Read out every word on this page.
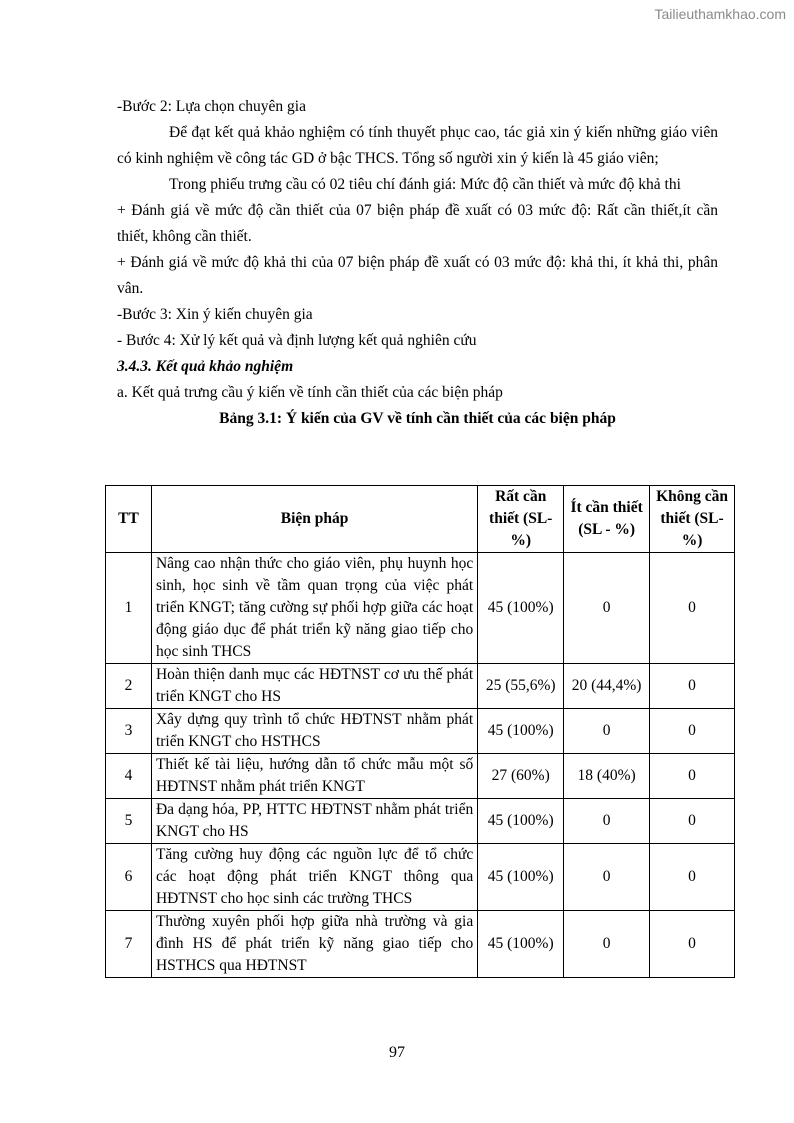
Tailieuthamkhao.com

-Bước 2: Lựa chọn chuyên gia

Để đạt kết quả khảo nghiệm có tính thuyết phục cao, tác giả xin ý kiến những giáo viên có kinh nghiệm về công tác GD ở bậc THCS. Tổng số người xin ý kiến là 45 giáo viên;

Trong phiếu trưng cầu có 02 tiêu chí đánh giá: Mức độ cần thiết và mức độ khả thi

+ Đánh giá về mức độ cần thiết của 07 biện pháp đề xuất có 03 mức độ: Rất cần thiết,ít cần thiết, không cần thiết.

+ Đánh giá về mức độ khả thi của 07 biện pháp đề xuất có 03 mức độ: khả thi, ít khả thi, phân vân.

-Bước 3: Xin ý kiến chuyên gia

- Bước 4: Xử lý kết quả và định lượng kết quả nghiên cứu

3.4.3. Kết quả khảo nghiệm

a. Kết quả trưng cầu ý kiến về tính cần thiết của các biện pháp

Bảng 3.1: Ý kiến của GV về tính cần thiết của các biện pháp

TT	Biện pháp	Rất cần thiết (SL-%)	Ít cần thiết (SL - %)	Không cần thiết (SL- %)
1	Nâng cao nhận thức cho giáo viên, phụ huynh học sinh, học sinh về tầm quan trọng của việc phát triển KNGT; tăng cường sự phối hợp giữa các hoạt động giáo dục để phát triển kỹ năng giao tiếp cho học sinh THCS	45 (100%)	0	0
2	Hoàn thiện danh mục các HĐTNST cơ ưu thế phát triển KNGT cho HS	25 (55,6%)	20 (44,4%)	0
3	Xây dựng quy trình tổ chức HĐTNST nhằm phát triển KNGT cho HSTHCS	45 (100%)	0	0
4	Thiết kế tài liệu, hướng dẫn tổ chức mẫu một số HĐTNST nhằm phát triển KNGT	27 (60%)	18 (40%)	0
5	Đa dạng hóa, PP, HTTC HĐTNST nhằm phát triển KNGT cho HS	45 (100%)	0	0
6	Tăng cường huy động các nguồn lực để tổ chức các hoạt động phát triển KNGT thông qua HĐTNST cho học sinh các trường THCS	45 (100%)	0	0
7	Thường xuyên phối hợp giữa nhà trường và gia đình HS để phát triển kỹ năng giao tiếp cho HSTHCS qua HĐTNST	45 (100%)	0	0
97
